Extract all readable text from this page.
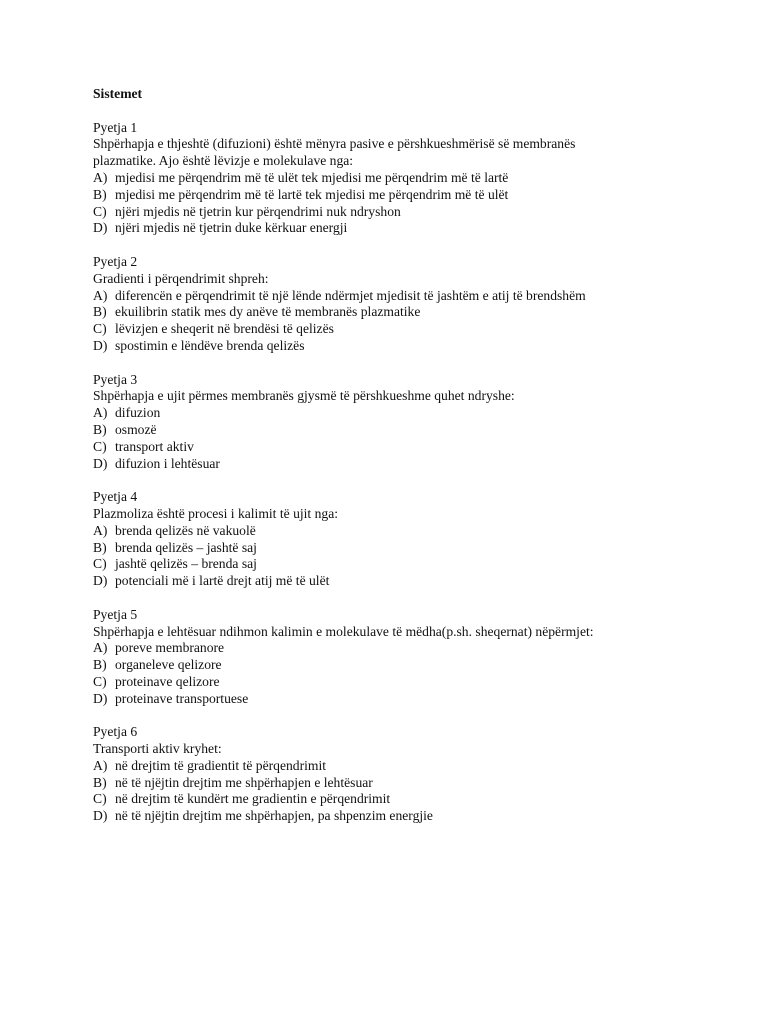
Sistemet
Pyetja 1
Shpërhapja e thjeshtë (difuzioni) është mënyra pasive e përshkueshmërisë së membranës
plazmatike. Ajo është lëvizje e molekulave nga:
A) mjedisi me përqendrim më të ulët tek mjedisi me përqendrim më të lartë
B) mjedisi me përqendrim më të lartë tek mjedisi me përqendrim më të ulët
C) njëri mjedis në tjetrin kur përqendrimi nuk ndryshon
D) njëri mjedis në tjetrin duke kërkuar energji
Pyetja 2
Gradienti i përqendrimit shpreh:
A) diferencën e përqendrimit të një lënde ndërmjet mjedisit të jashtëm e atij të brendshëm
B) ekuilibrin statik mes dy anëve të membranës plazmatike
C) lëvizjen e sheqerit në brendësi të qelizës
D) spostimin e lëndëve brenda qelizës
Pyetja 3
Shpërhapja e ujit përmes membranës gjysmë të përshkueshme quhet ndryshe:
A) difuzion
B) osmozë
C) transport aktiv
D) difuzion i lehtësuar
Pyetja 4
Plazmoliza është procesi i kalimit të ujit nga:
A) brenda qelizës në vakuolë
B) brenda qelizës – jashtë saj
C) jashtë qelizës – brenda saj
D) potenciali më i lartë drejt atij më të ulët
Pyetja 5
Shpërhapja e lehtësuar ndihmon kalimin e molekulave të mëdha(p.sh. sheqernat) nëpërmjet:
A) poreve membranore
B) organeleve qelizore
C) proteinave qelizore
D) proteinave transportuese
Pyetja 6
Transporti aktiv kryhet:
A) në drejtim të gradientit të përqendrimit
B) në të njëjtin drejtim me shpërhapjen e lehtësuar
C) në drejtim të kundërt me gradientin e përqendrimit
D) në të njëjtin drejtim me shpërhapjen, pa shpenzim energjie
